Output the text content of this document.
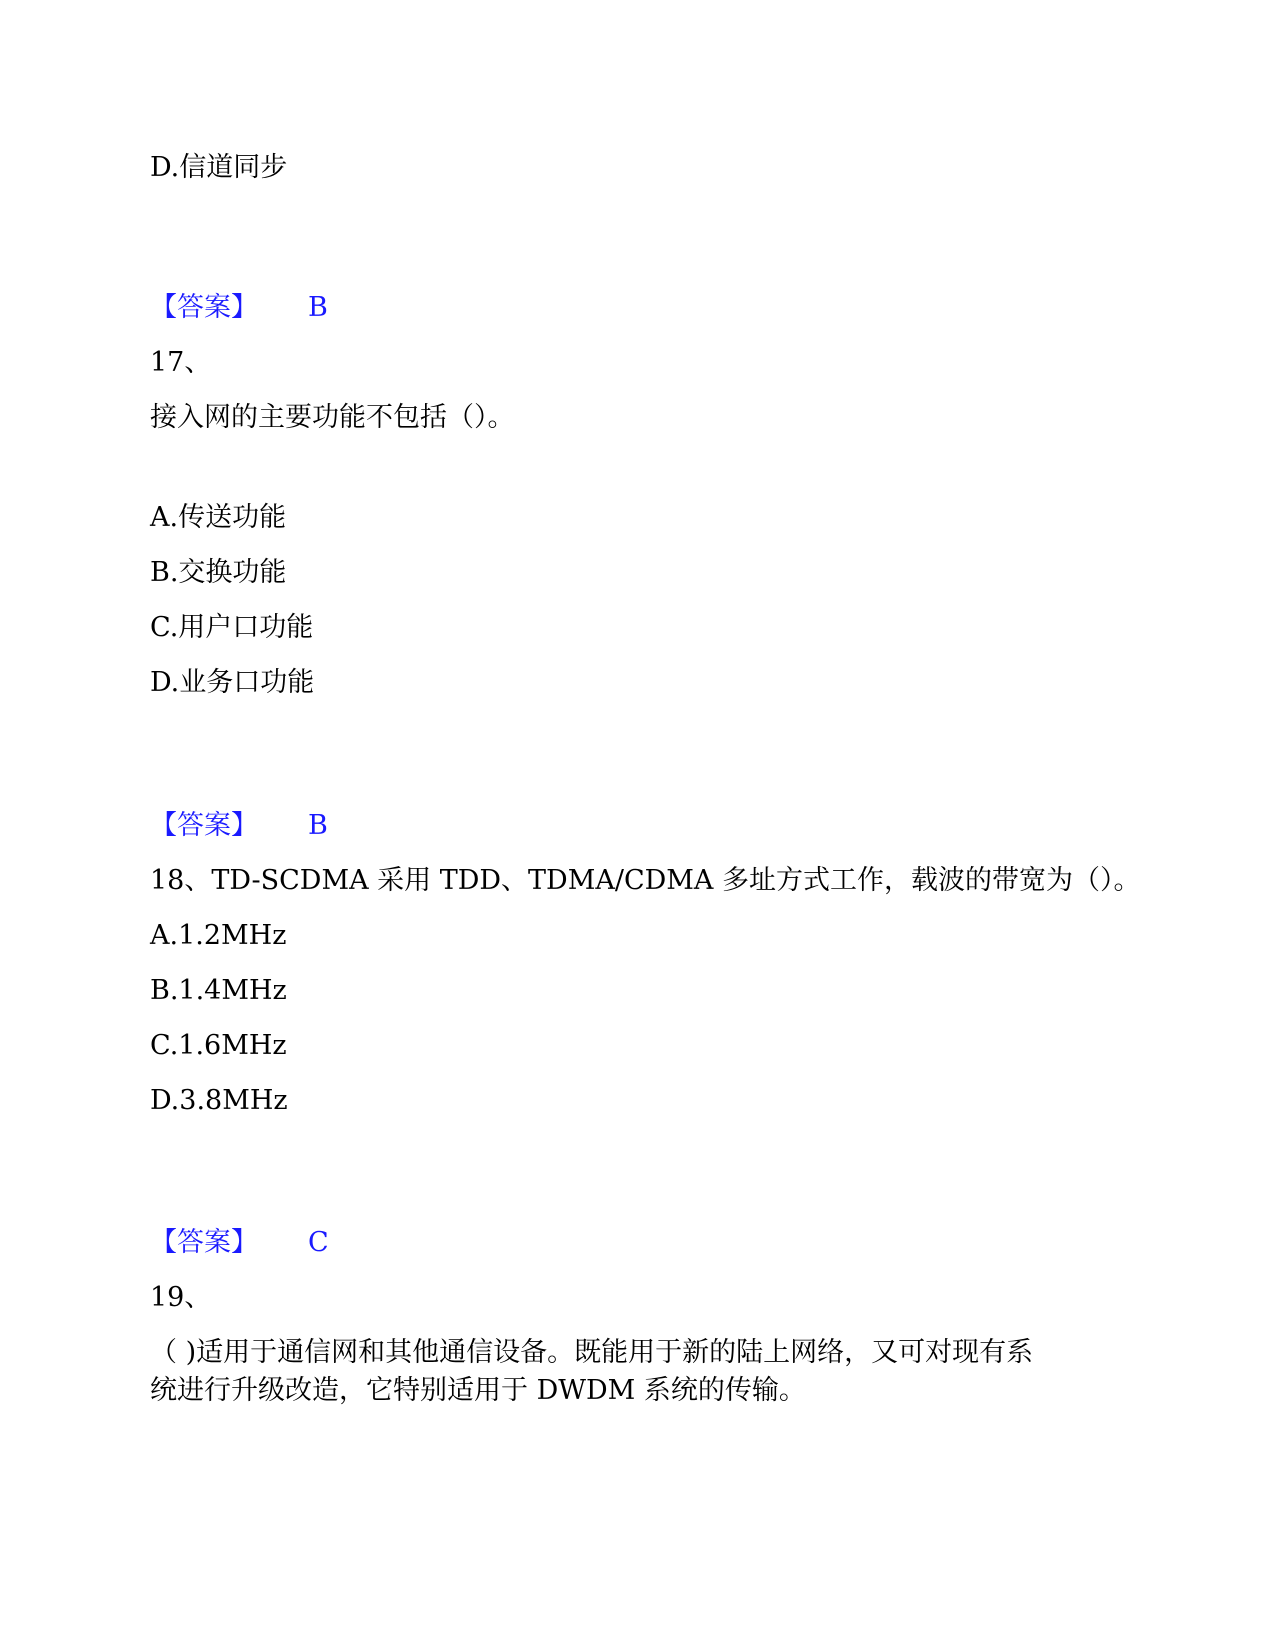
D.信道同步
【答案】 B
17、
接入网的主要功能不包括（）。
A.传送功能
B.交换功能
C.用户口功能
D.业务口功能
【答案】 B
18、TD-SCDMA 采用 TDD、TDMA/CDMA 多址方式工作，载波的带宽为（）。
A.1.2MHz
B.1.4MHz
C.1.6MHz
D.3.8MHz
【答案】 C
19、
（ )适用于通信网和其他通信设备。既能用于新的陆上网络，又可对现有系
统进行升级改造，它特别适用于 DWDM 系统的传输。
